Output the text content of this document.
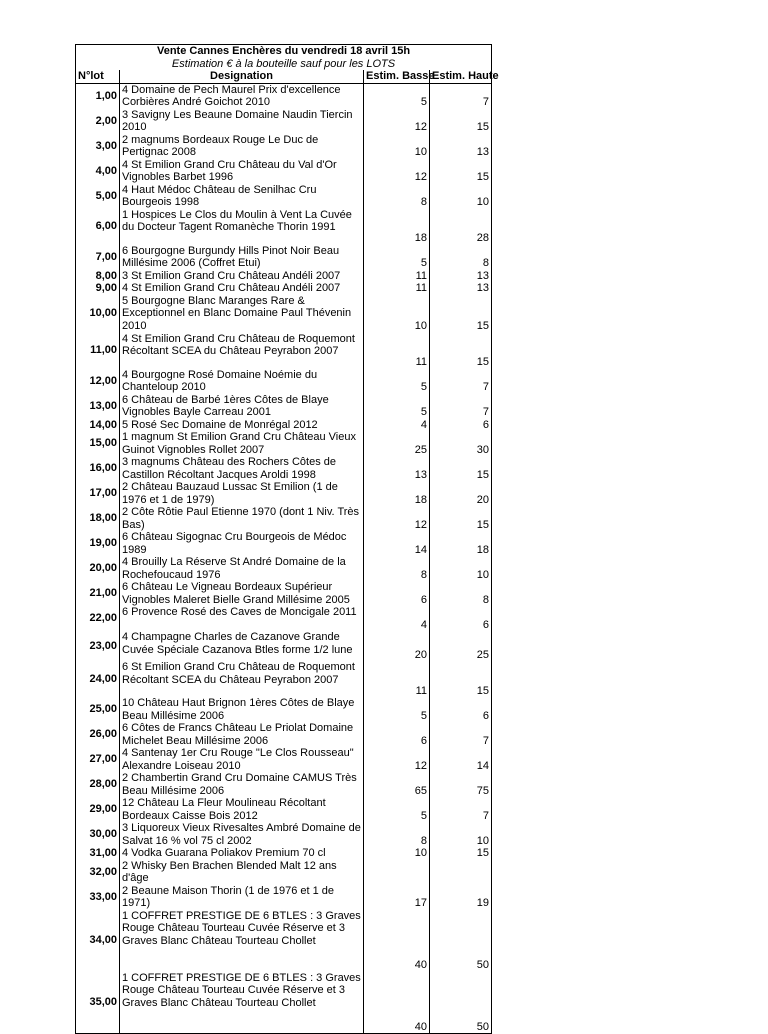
Vente Cannes Enchères du vendredi 18 avril 15h			
Estimation € à la bouteille sauf pour les LOTS			
N°lot	Designation	Estim. Basse	Estim. Haute
1,00	4 Domaine de Pech Maurel Prix d'excellence
Corbières André Goichot 2010	5	7
2,00	3 Savigny Les Beaune Domaine Naudin Tiercin
2010	12	15
3,00	2 magnums Bordeaux Rouge Le Duc de
Pertignac 2008	10	13
4,00	4 St Emilion Grand Cru Château du Val d'Or
Vignobles Barbet 1996	12	15
5,00	4 Haut Médoc Château de Senilhac Cru
Bourgeois 1998	8	10
6,00	1 Hospices Le Clos du Moulin à Vent La Cuvée
du Docteur Tagent Romanèche Thorin 1991	18	28
7,00	6 Bourgogne Burgundy Hills Pinot Noir Beau
Millésime 2006 (Coffret Etui)	5	8
8,00	3 St Emilion Grand Cru Château Andéli 2007	11	13
9,00	4 St Emilion Grand Cru Château Andéli 2007	11	13
10,00	5 Bourgogne Blanc Maranges Rare &
Exceptionnel en Blanc Domaine Paul Thévenin
2010	10	15
11,00	4 St Emilion Grand Cru Château de Roquemont
Récoltant SCEA du Château Peyrabon 2007	11	15
12,00	4 Bourgogne Rosé Domaine Noémie du
Chanteloup 2010	5	7
13,00	6 Château de Barbé 1ères Côtes de Blaye
Vignobles Bayle Carreau 2001	5	7
14,00	5 Rosé Sec Domaine de Monrégal 2012	4	6
15,00	1 magnum St Emilion Grand Cru Château Vieux
Guinot Vignobles Rollet 2007	25	30
16,00	3 magnums Château des Rochers Côtes de
Castillon Récoltant Jacques Aroldi 1998	13	15
17,00	2 Château Bauzaud Lussac St Emilion (1 de
1976 et 1 de 1979)	18	20
18,00	2 Côte Rôtie Paul Etienne 1970 (dont 1 Niv. Très
Bas)	12	15
19,00	6 Château Sigognac Cru Bourgeois de Médoc
1989	14	18
20,00	4 Brouilly La Réserve St André Domaine de la
Rochefoucaud 1976	8	10
21,00	6 Château Le Vigneau Bordeaux Supérieur
Vignobles Maleret Bielle Grand Millésime 2005	6	8
22,00	6 Provence Rosé des Caves de Moncigale 2011	4	6
23,00	4 Champagne Charles de Cazanove Grande
Cuvée Spéciale Cazanova Btles forme 1/2 lune	20	25
24,00	6 St Emilion Grand Cru Château de Roquemont
Récoltant SCEA du Château Peyrabon 2007	11	15
25,00	10 Château Haut Brignon 1ères Côtes de Blaye
Beau Millésime 2006	5	6
26,00	6 Côtes de Francs Château Le Priolat Domaine
Michelet Beau Millésime 2006	6	7
27,00	4 Santenay 1er Cru Rouge "Le Clos Rousseau"
Alexandre Loiseau 2010	12	14
28,00	2 Chambertin Grand Cru Domaine CAMUS Très
Beau Millésime 2006	65	75
29,00	12 Château La Fleur Moulineau Récoltant
Bordeaux Caisse Bois 2012	5	7
30,00	3 Liquoreux Vieux Rivesaltes Ambré Domaine de
Salvat 16 % vol 75 cl 2002	8	10
31,00	4 Vodka Guarana Poliakov Premium 70 cl	10	15
32,00	2 Whisky Ben Brachen Blended Malt 12 ans
d'âge		

33,00	2 Beaune Maison Thorin (1 de 1976 et 1 de
1971)	17	19
34,00	1 COFFRET PRESTIGE DE 6 BTLES : 3 Graves
Rouge Château Tourteau Cuvée Réserve et 3
Graves Blanc Château Tourteau Chollet	40	50
35,00	1 COFFRET PRESTIGE DE 6 BTLES : 3 Graves
Rouge Château Tourteau Cuvée Réserve et 3
Graves Blanc Château Tourteau Chollet	40	50
